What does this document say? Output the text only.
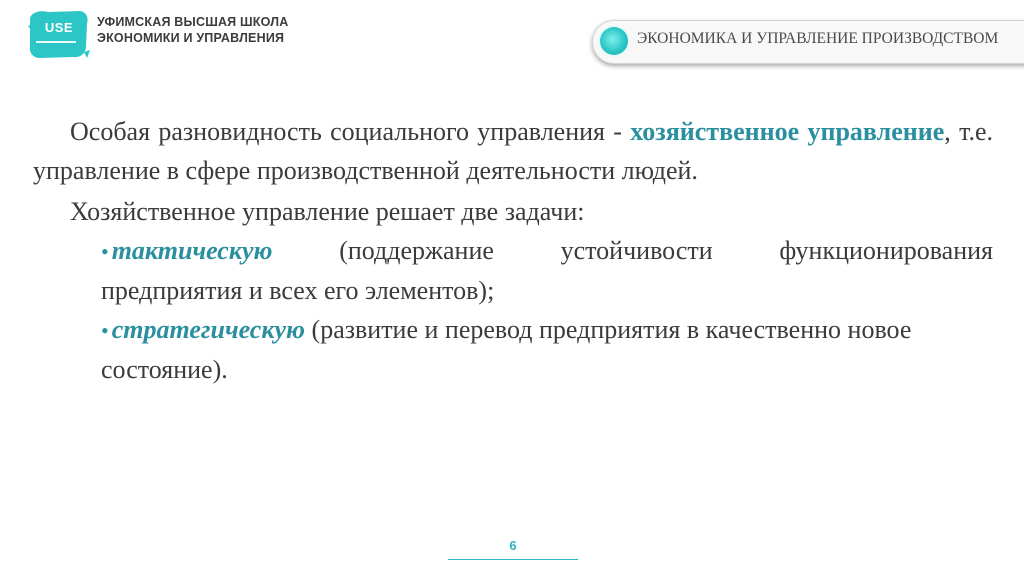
USE	УФИМСКАЯ ВЫСШАЯ ШКОЛА
ЭКОНОМИКИ И УПРАВЛЕНИЯ	ЭКОНОМИКА И УПРАВЛЕНИЕ ПРОИЗВОДСТВОМ

Особая разновидность социального управления - хозяйственное управление, т.е. управление в сфере производственной деятельности людей.

Хозяйственное управление решает две задачи:

• тактическую (поддержание устойчивости функционирования
предприятия и всех его элементов);
• стратегическую (развитие и перевод предприятия в качественно новое состояние).
6
